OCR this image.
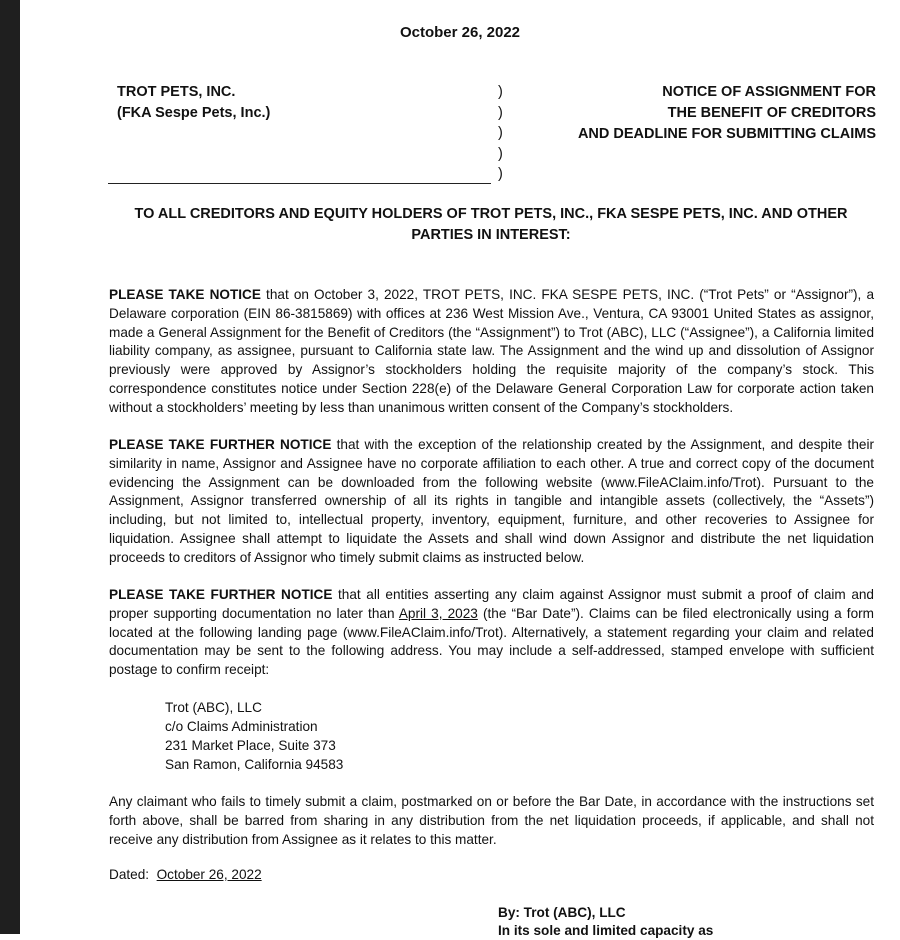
October 26, 2022
TROT PETS, INC.
(FKA Sespe Pets, Inc.)
)
)
)
)
)
NOTICE OF ASSIGNMENT FOR
THE BENEFIT OF CREDITORS
AND DEADLINE FOR SUBMITTING CLAIMS
TO ALL CREDITORS AND EQUITY HOLDERS OF TROT PETS, INC., FKA SESPE PETS, INC. AND OTHER PARTIES IN INTEREST:
PLEASE TAKE NOTICE that on October 3, 2022, TROT PETS, INC. FKA SESPE PETS, INC. (“Trot Pets” or “Assignor”), a Delaware corporation (EIN 86-3815869) with offices at 236 West Mission Ave., Ventura, CA 93001 United States as assignor, made a General Assignment for the Benefit of Creditors (the “Assignment”) to Trot (ABC), LLC (“Assignee”), a California limited liability company, as assignee, pursuant to California state law. The Assignment and the wind up and dissolution of Assignor previously were approved by Assignor’s stockholders holding the requisite majority of the company’s stock. This correspondence constitutes notice under Section 228(e) of the Delaware General Corporation Law for corporate action taken without a stockholders’ meeting by less than unanimous written consent of the Company’s stockholders.
PLEASE TAKE FURTHER NOTICE that with the exception of the relationship created by the Assignment, and despite their similarity in name, Assignor and Assignee have no corporate affiliation to each other. A true and correct copy of the document evidencing the Assignment can be downloaded from the following website (www.FileAClaim.info/Trot). Pursuant to the Assignment, Assignor transferred ownership of all its rights in tangible and intangible assets (collectively, the “Assets”) including, but not limited to, intellectual property, inventory, equipment, furniture, and other recoveries to Assignee for liquidation. Assignee shall attempt to liquidate the Assets and shall wind down Assignor and distribute the net liquidation proceeds to creditors of Assignor who timely submit claims as instructed below.
PLEASE TAKE FURTHER NOTICE that all entities asserting any claim against Assignor must submit a proof of claim and proper supporting documentation no later than April 3, 2023 (the “Bar Date”). Claims can be filed electronically using a form located at the following landing page (www.FileAClaim.info/Trot). Alternatively, a statement regarding your claim and related documentation may be sent to the following address. You may include a self-addressed, stamped envelope with sufficient postage to confirm receipt:
Trot (ABC), LLC
c/o Claims Administration
231 Market Place, Suite 373
San Ramon, California 94583
Any claimant who fails to timely submit a claim, postmarked on or before the Bar Date, in accordance with the instructions set forth above, shall be barred from sharing in any distribution from the net liquidation proceeds, if applicable, and shall not receive any distribution from Assignee as it relates to this matter.
Dated:  October 26, 2022
By: Trot (ABC), LLC
In its sole and limited capacity as
